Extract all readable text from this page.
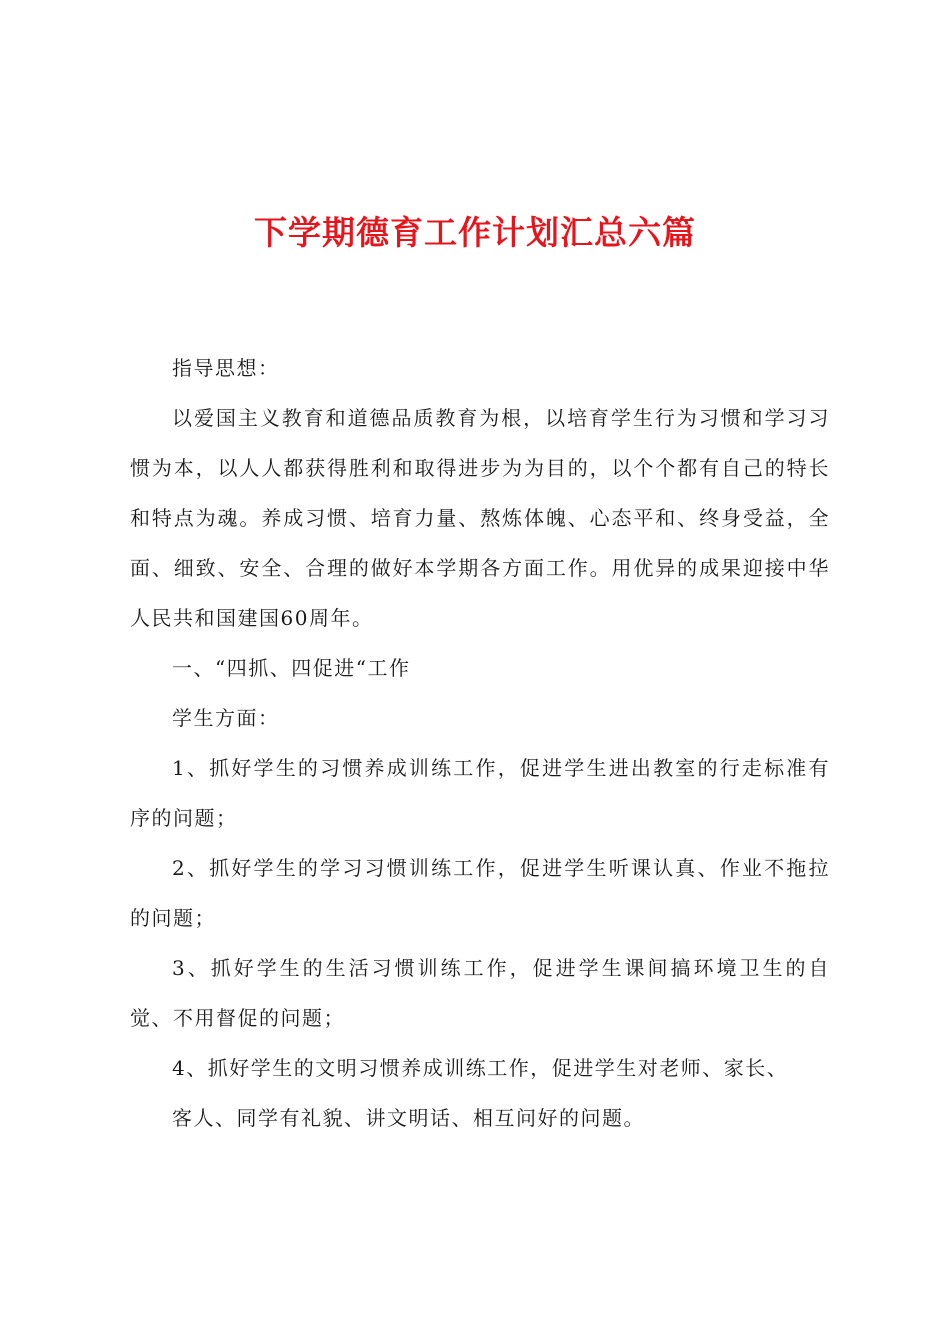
下学期德育工作计划汇总六篇

指导思想：

以爱国主义教育和道德品质教育为根，以培育学生行为习惯和学习习惯为本，以人人都获得胜利和取得进步为为目的，以个个都有自己的特长和特点为魂。养成习惯、培育力量、熬炼体魄、心态平和、终身受益，全面、细致、安全、合理的做好本学期各方面工作。用优异的成果迎接中华人民共和国建国60周年。

一、“四抓、四促进“工作

学生方面：

1、抓好学生的习惯养成训练工作，促进学生进出教室的行走标准有序的问题；

2、抓好学生的学习习惯训练工作，促进学生听课认真、作业不拖拉的问题；

3、抓好学生的生活习惯训练工作，促进学生课间搞环境卫生的自觉、不用督促的问题；

4、抓好学生的文明习惯养成训练工作，促进学生对老师、家长、

客人、同学有礼貌、讲文明话、相互问好的问题。
